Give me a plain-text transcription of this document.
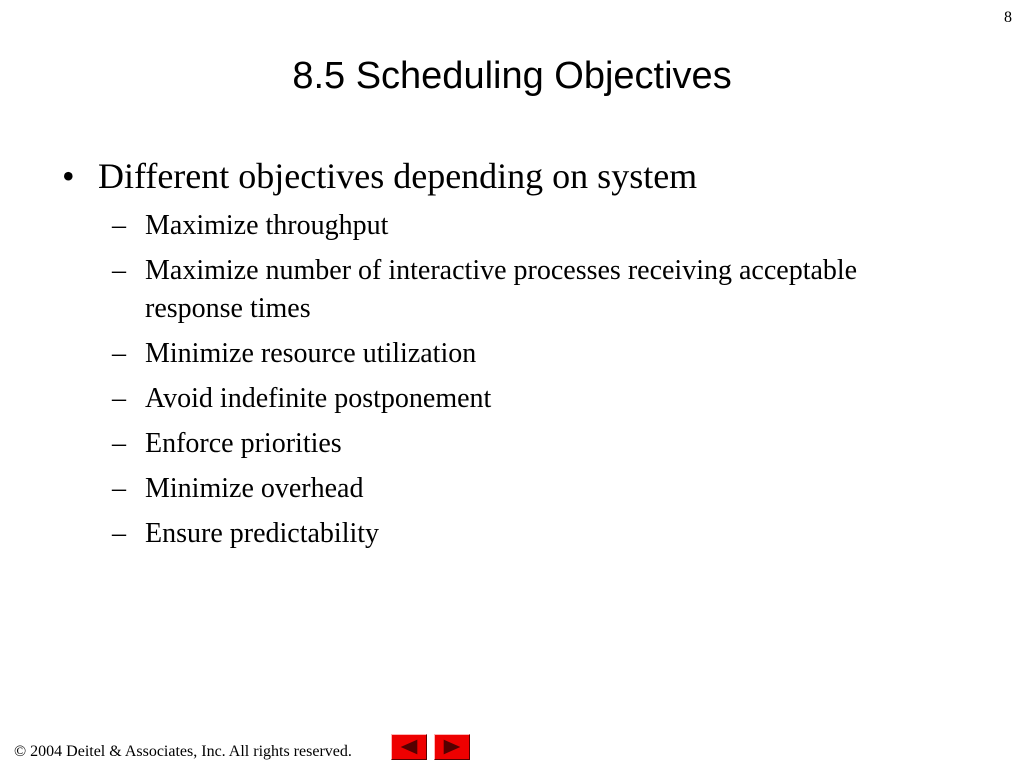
8
8.5 Scheduling Objectives
• Different objectives depending on system
– Maximize throughput
– Maximize number of interactive processes receiving acceptable response times
– Minimize resource utilization
– Avoid indefinite postponement
– Enforce priorities
– Minimize overhead
– Ensure predictability
© 2004 Deitel & Associates, Inc. All rights reserved.
